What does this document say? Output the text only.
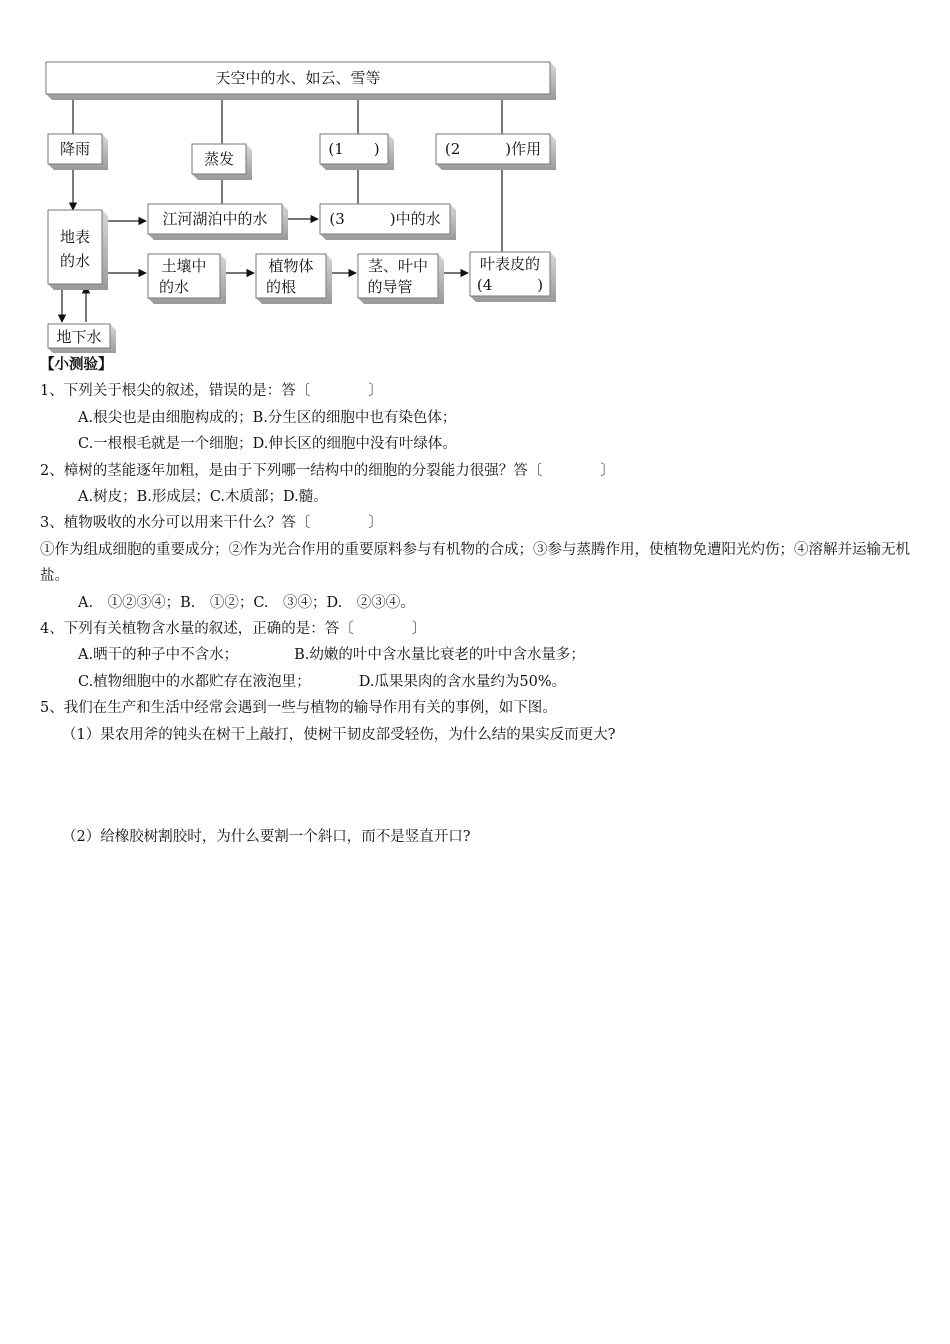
天空中的水、如云、雪等
降雨
蒸发
(1　　)	(2　　　)作用
地表
的水
江河湖泊中的水	(3　　　)中的水
土壤中
的水
植物体
的根
茎、叶中
的导管
叶表皮的
(4　　　)
地下水
【小测验】
1、下列关于根尖的叙述，错误的是：答〔　　　　〕
A.根尖也是由细胞构成的；B.分生区的细胞中也有染色体；
C.一根根毛就是一个细胞；D.伸长区的细胞中没有叶绿体。
2、樟树的茎能逐年加粗，是由于下列哪一结构中的细胞的分裂能力很强？答〔　　　　〕
A.树皮；B.形成层；C.木质部；D.髓。
3、植物吸收的水分可以用来干什么？答〔　　　　〕
①作为组成细胞的重要成分；②作为光合作用的重要原料参与有机物的合成；③参与蒸腾作用，使植物免遭阳光灼伤；④溶解并运输无机盐。
A.　①②③④；B.　①②；C.　③④；D.　②③④。
4、下列有关植物含水量的叙述，正确的是：答〔　　　　〕
A.晒干的种子中不含水；	B.幼嫩的叶中含水量比衰老的叶中含水量多；
C.植物细胞中的水都贮存在液泡里；	D.瓜果果肉的含水量约为50%。
5、我们在生产和生活中经常会遇到一些与植物的输导作用有关的事例，如下图。
（1）果农用斧的钝头在树干上敲打，使树干韧皮部受轻伤，为什么结的果实反而更大?
（2）给橡胶树割胶时，为什么要割一个斜口，而不是竖直开口?
